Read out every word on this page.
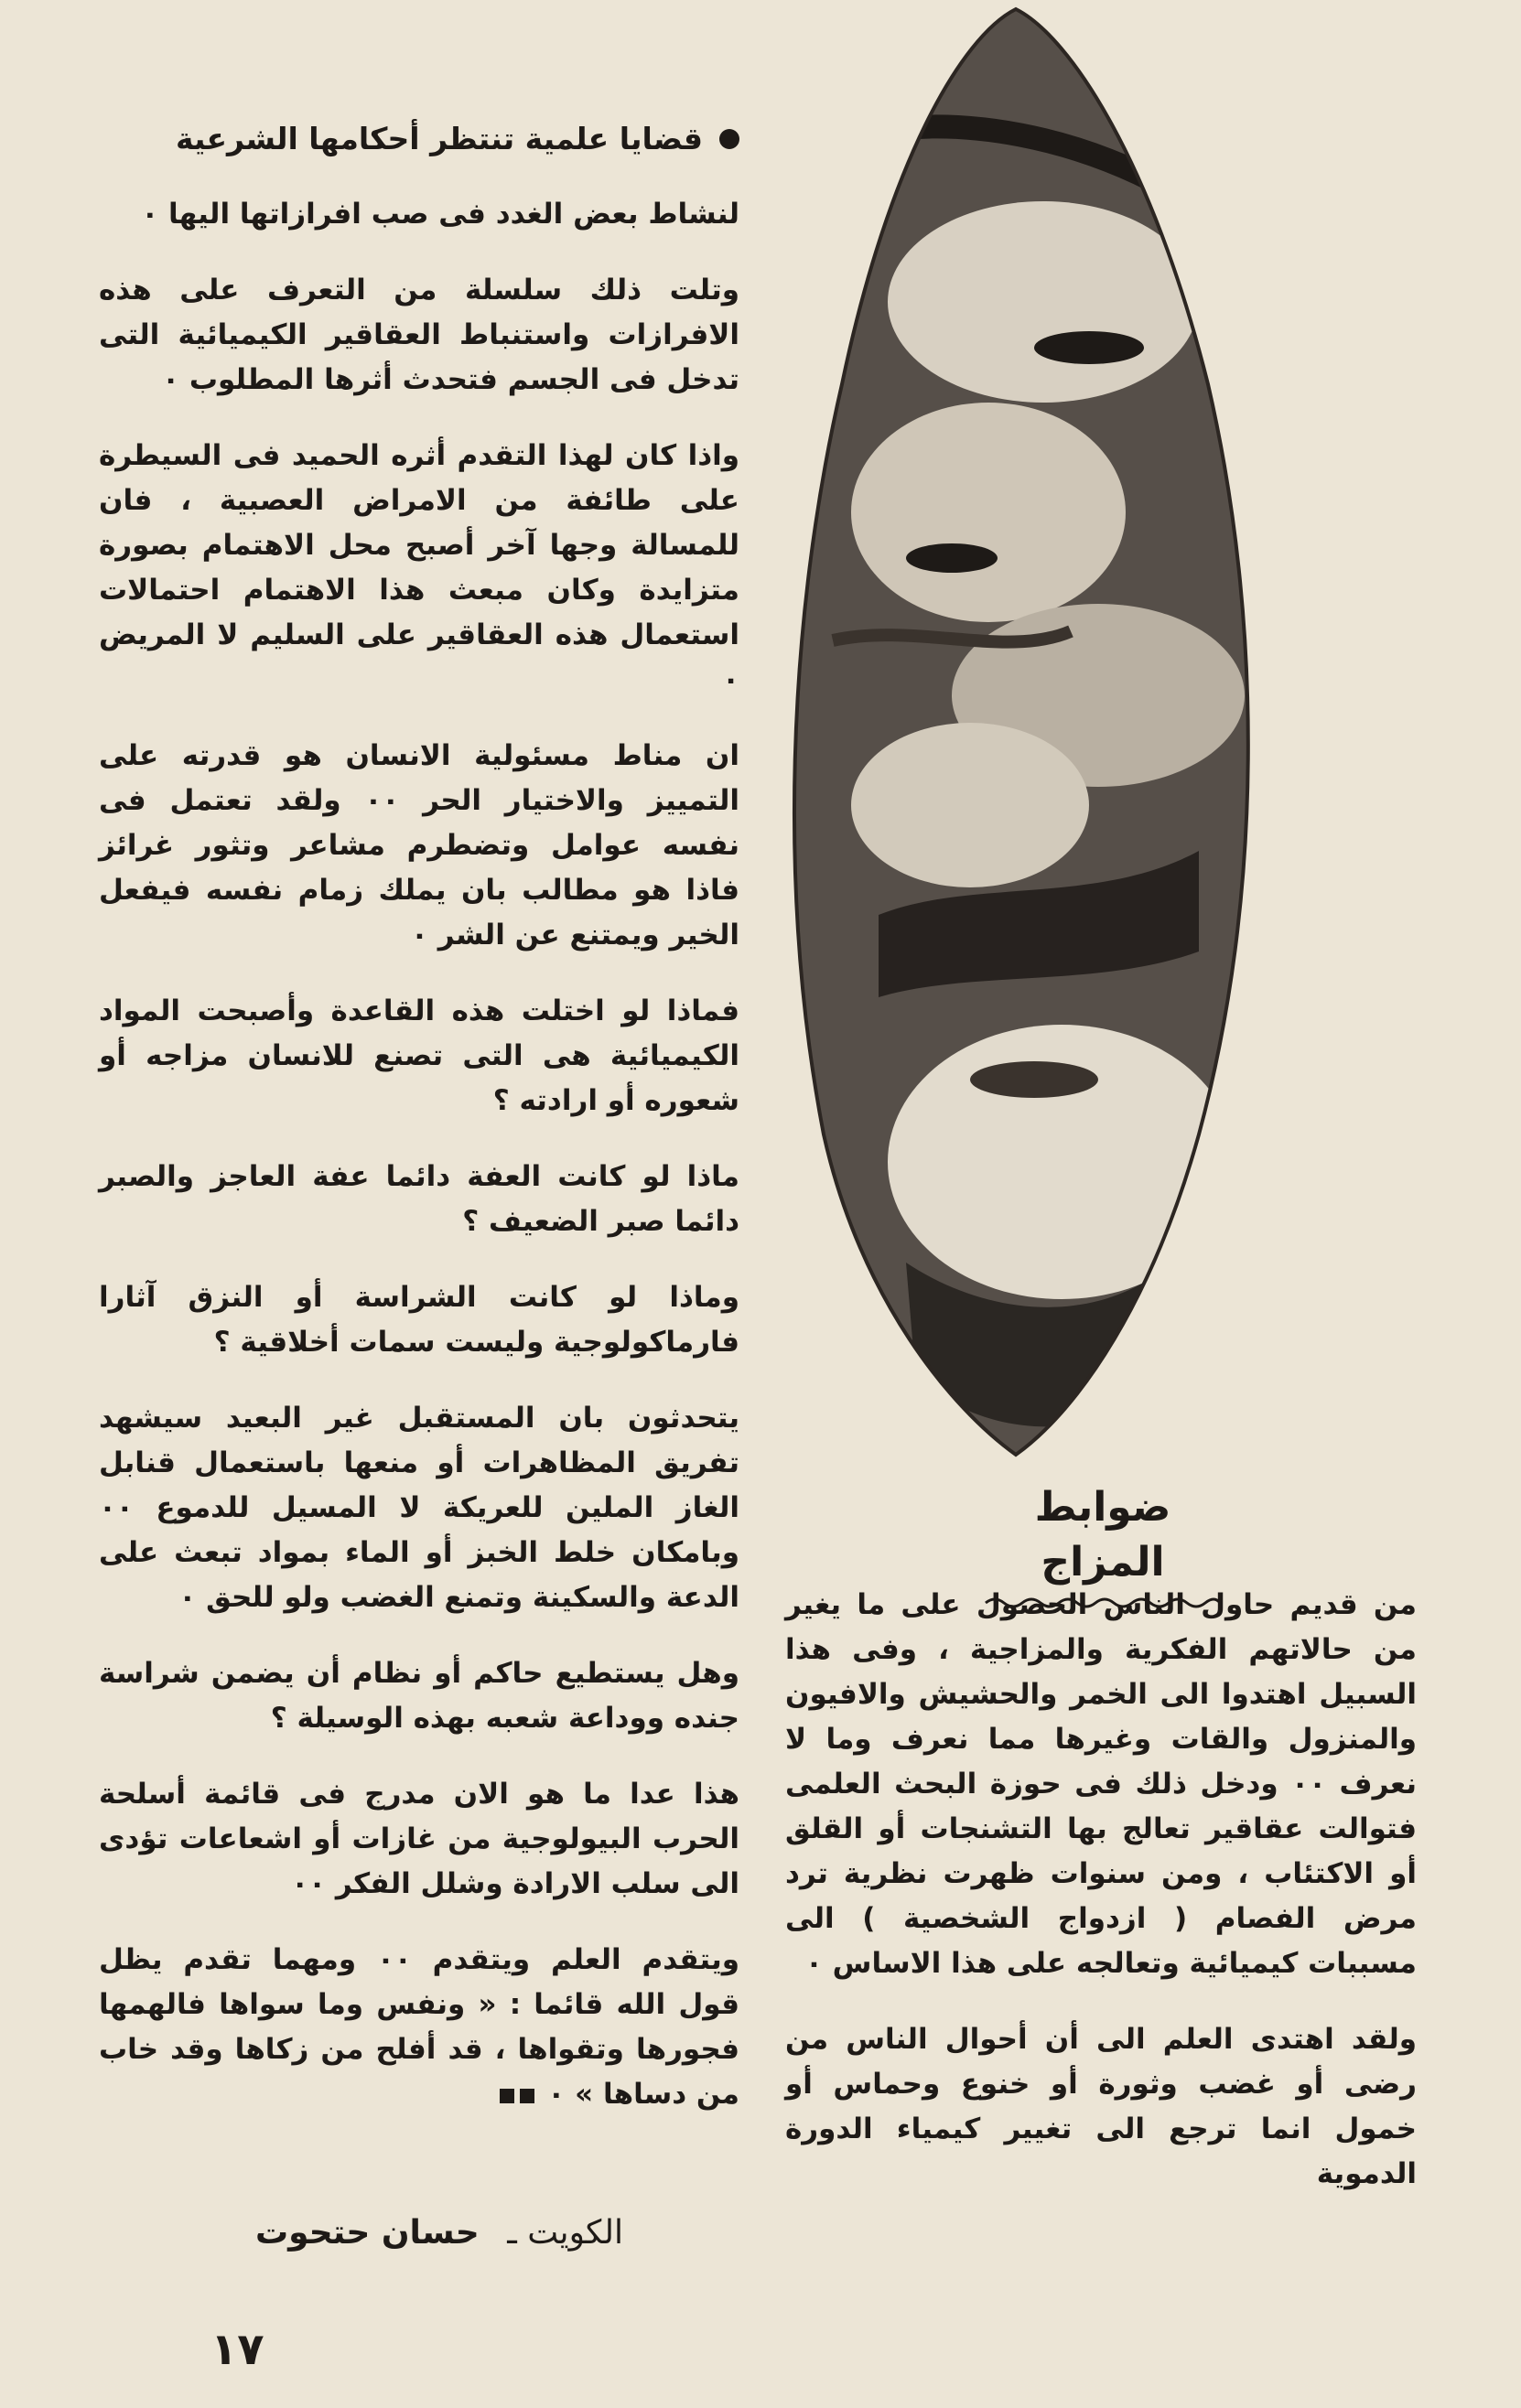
قضايا علمية تنتظر أحكامها الشرعية

لنشاط بعض الغدد فى صب افرازاتها اليها ٠

وتلت ذلك سلسلة من التعرف على هذه الافرازات واستنباط العقاقير الكيميائية التى تدخل فى الجسم فتحدث أثرها المطلوب ٠

واذا كان لهذا التقدم أثره الحميد فى السيطرة على طائفة من الامراض العصبية ، فان للمسالة وجها آخر أصبح محل الاهتمام بصورة متزايدة وكان مبعث هذا الاهتمام احتمالات استعمال هذه العقاقير على السليم لا المريض ٠

ان مناط مسئولية الانسان هو قدرته على التمييز والاختيار الحر ٠٠ ولقد تعتمل فى نفسه عوامل وتضطرم مشاعر وتثور غرائز فاذا هو مطالب بان يملك زمام نفسه فيفعل الخير ويمتنع عن الشر ٠

فماذا لو اختلت هذه القاعدة وأصبحت المواد الكيميائية هى التى تصنع للانسان مزاجه أو شعوره أو ارادته ؟

ماذا لو كانت العفة دائما عفة العاجز والصبر دائما صبر الضعيف ؟

وماذا لو كانت الشراسة أو النزق آثارا فارماكولوجية وليست سمات أخلاقية ؟

يتحدثون بان المستقبل غير البعيد سيشهد تفريق المظاهرات أو منعها باستعمال قنابل الغاز الملين للعريكة لا المسيل للدموع ٠٠ وبامكان خلط الخبز أو الماء بمواد تبعث على الدعة والسكينة وتمنع الغضب ولو للحق ٠

وهل يستطيع حاكم أو نظام أن يضمن شراسة جنده ووداعة شعبه بهذه الوسيلة ؟

هذا عدا ما هو الان مدرج فى قائمة أسلحة الحرب البيولوجية من غازات أو اشعاعات تؤدى الى سلب الارادة وشلل الفكر ٠٠

ويتقدم العلم ويتقدم ٠٠ ومهما تقدم يظل قول الله قائما : « ونفس وما سواها فالهمها فجورها وتقواها ، قد أفلح من زكاها وقد خاب من دساها » ٠

الكويت ـ حسان حتحوت
١٧
ضوابط المزاج

من قديم حاول الناس الحصول على ما يغير من حالاتهم الفكرية والمزاجية ، وفى هذا السبيل اهتدوا الى الخمر والحشيش والافيون والمنزول والقات وغيرها مما نعرف وما لا نعرف ٠٠ ودخل ذلك فى حوزة البحث العلمى فتوالت عقاقير تعالج بها التشنجات أو القلق أو الاكتئاب ، ومن سنوات ظهرت نظرية ترد مرض الفصام ( ازدواج الشخصية ) الى مسببات كيميائية وتعالجه على هذا الاساس ٠

ولقد اهتدى العلم الى أن أحوال الناس من رضى أو غضب وثورة أو خنوع وحماس أو خمول انما ترجع الى تغيير كيمياء الدورة الدموية
